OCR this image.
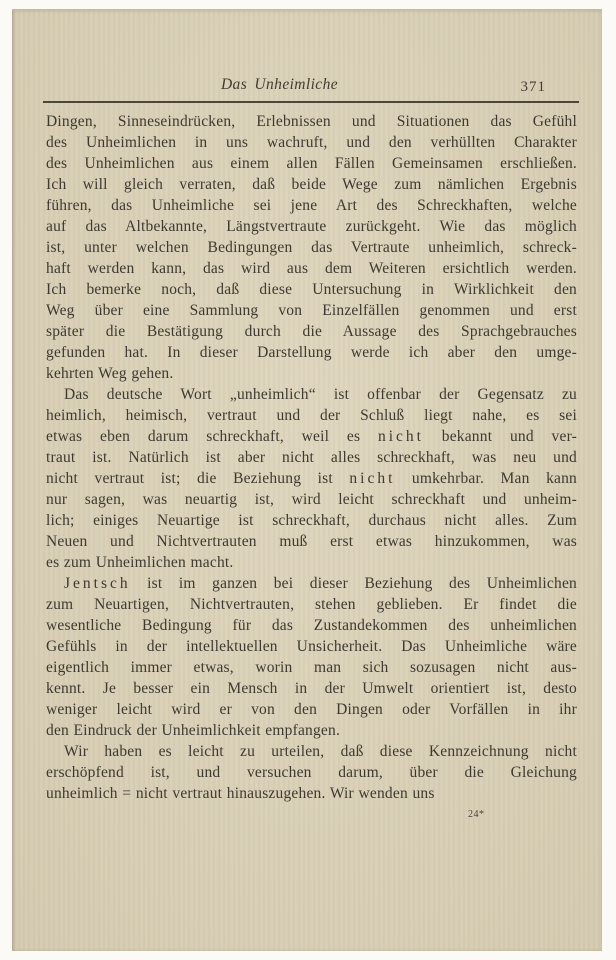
Das Unheimliche	371
Dingen, Sinneseindrücken, Erlebnissen und Situationen das Gefühl
des Unheimlichen in uns wachruft, und den verhüllten Charakter
des Unheimlichen aus einem allen Fällen Gemeinsamen erschließen.
Ich will gleich verraten, daß beide Wege zum nämlichen Ergebnis
führen, das Unheimliche sei jene Art des Schreckhaften, welche
auf das Altbekannte, Längstvertraute zurückgeht. Wie das möglich
ist, unter welchen Bedingungen das Vertraute unheimlich, schreck-
haft werden kann, das wird aus dem Weiteren ersichtlich werden.
Ich bemerke noch, daß diese Untersuchung in Wirklichkeit den
Weg über eine Sammlung von Einzelfällen genommen und erst
später die Bestätigung durch die Aussage des Sprachgebrauches
gefunden hat. In dieser Darstellung werde ich aber den umge-
kehrten Weg gehen.
Das deutsche Wort „unheimlich“ ist offenbar der Gegensatz zu
heimlich, heimisch, vertraut und der Schluß liegt nahe, es sei
etwas eben darum schreckhaft, weil es nicht bekannt und ver-
traut ist. Natürlich ist aber nicht alles schreckhaft, was neu und
nicht vertraut ist; die Beziehung ist nicht umkehrbar. Man kann
nur sagen, was neuartig ist, wird leicht schreckhaft und unheim-
lich; einiges Neuartige ist schreckhaft, durchaus nicht alles. Zum
Neuen und Nichtvertrauten muß erst etwas hinzukommen, was
es zum Unheimlichen macht.
Jentsch ist im ganzen bei dieser Beziehung des Unheimlichen
zum Neuartigen, Nichtvertrauten, stehen geblieben. Er findet die
wesentliche Bedingung für das Zustandekommen des unheimlichen
Gefühls in der intellektuellen Unsicherheit. Das Unheimliche wäre
eigentlich immer etwas, worin man sich sozusagen nicht aus-
kennt. Je besser ein Mensch in der Umwelt orientiert ist, desto
weniger leicht wird er von den Dingen oder Vorfällen in ihr
den Eindruck der Unheimlichkeit empfangen.
Wir haben es leicht zu urteilen, daß diese Kennzeichnung nicht
erschöpfend ist, und versuchen darum, über die Gleichung
unheimlich = nicht vertraut hinauszugehen. Wir wenden uns
24*
